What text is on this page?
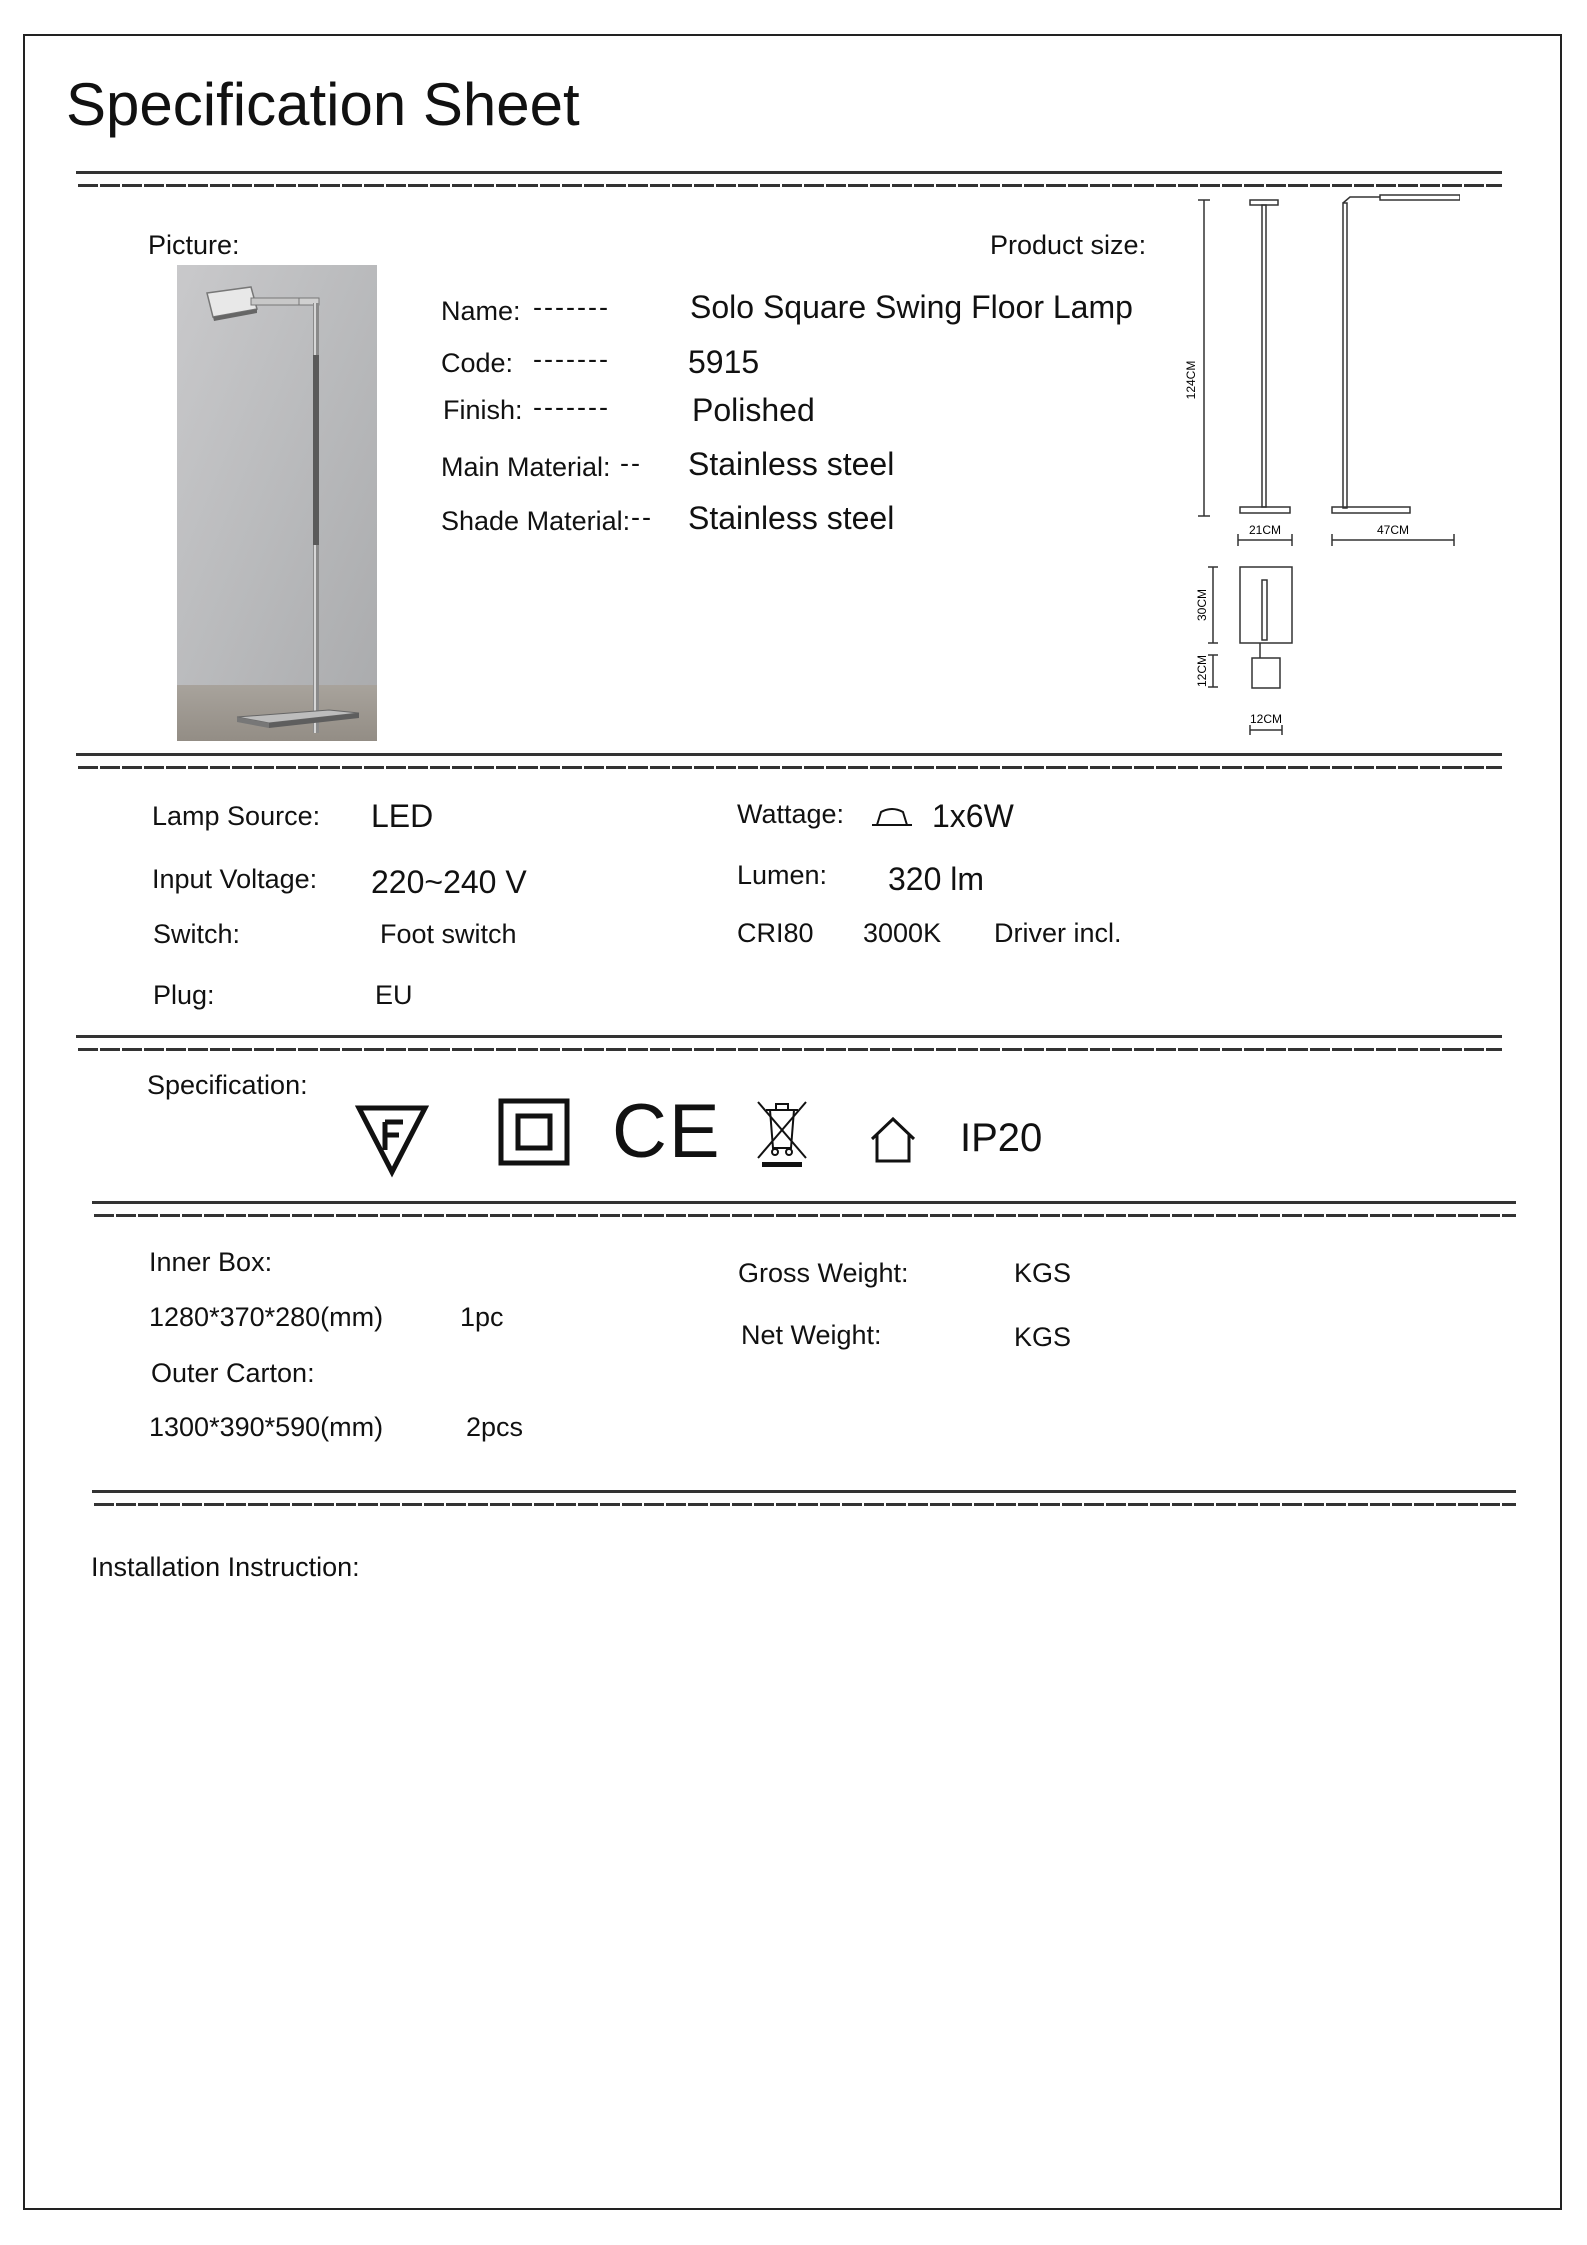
Specification Sheet
Picture:	Product size:
Name: -------	Solo Square Swing Floor Lamp
Code: ------- 5915
Finish: -------	Polished
Main Material: -- Stainless steel
Shade Material: -- Stainless steel
124CM
21CM	47CM
30CM
12CM
12CM
Lamp Source: LED
Input Voltage: 220~240 V
Switch:	Foot switch
Plug:	EU
Wattage:	1x6W
Lumen: 320 lm
CRI80 3000K Driver incl.
Specification:
CE	IP20
Inner Box:
1280*370*280(mm)	1pc
Outer Carton:
1300*390*590(mm)	2pcs
Gross Weight:	KGS
Net Weight:	KGS
Installation Instruction:
